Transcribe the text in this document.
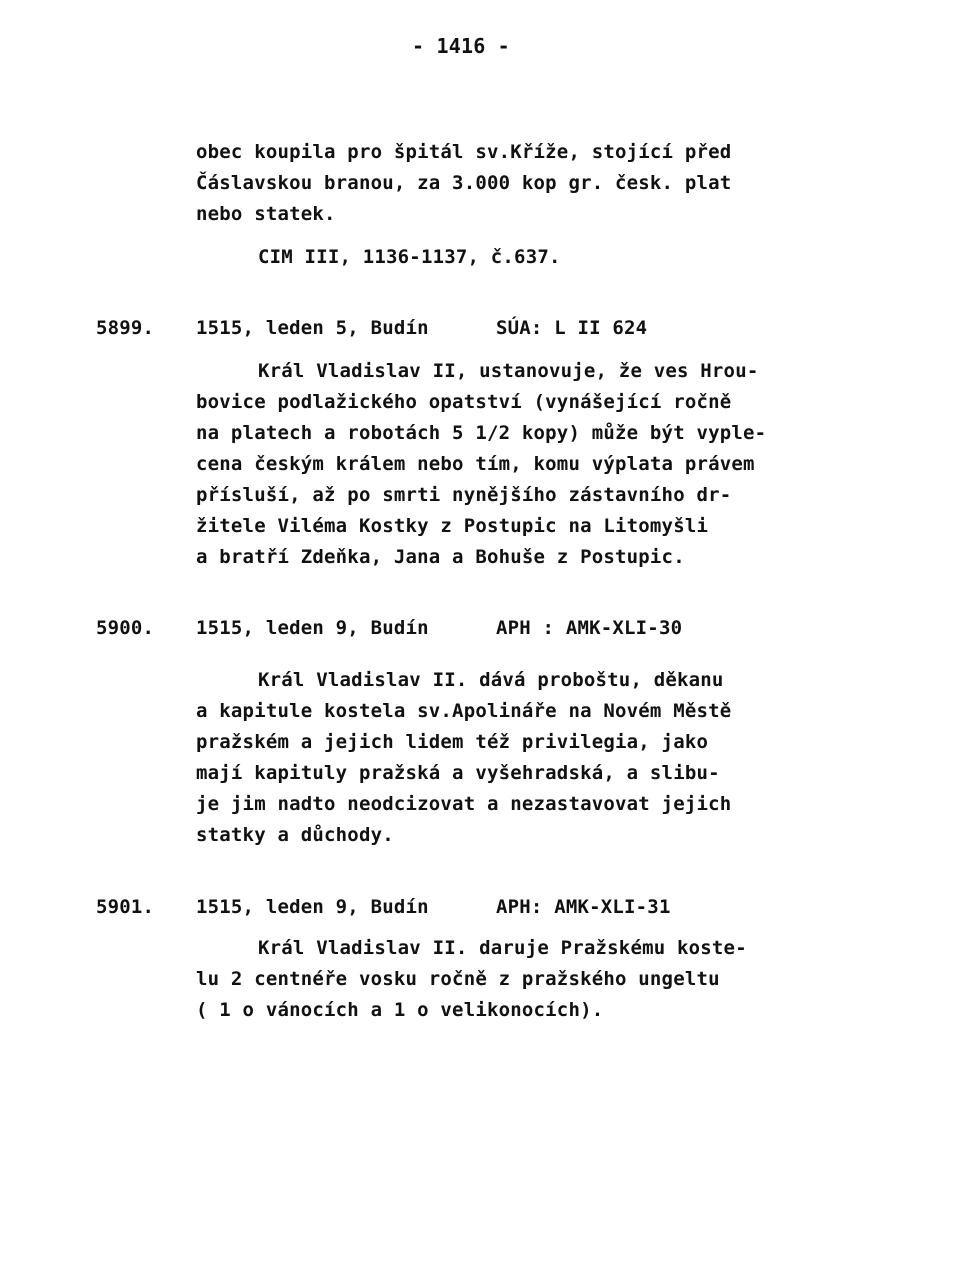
- 1416 -
obec koupila pro špitál sv.Kříže, stojící před
Čáslavskou branou, za 3.000 kop gr. česk. plat
nebo statek.
CIM III, 1136-1137, č.637.
5899. 1515, leden 5, Budín	SÚA: L II 624
Král Vladislav II, ustanovuje, že ves Hrou-
bovice podlažického opatství (vynášející ročně
na platech a robotách 5 1/2 kopy) může být vyple-
cena českým králem nebo tím, komu výplata právem
přísluší, až po smrti nynějšího zástavního dr-
žitele Viléma Kostky z Postupic na Litomyšli
a bratří Zdeňka, Jana a Bohuše z Postupic.
5900. 1515, leden 9, Budín	APH : AMK-XLI-30
Král Vladislav II. dává proboštu, děkanu
a kapitule kostela sv.Apolináře na Novém Městě
pražském a jejich lidem též privilegia, jako
mají kapituly pražská a vyšehradská, a slibu-
je jim nadto neodcizovat a nezastavovat jejich
statky a důchody.
5901. 1515, leden 9, Budín	APH: AMK-XLI-31
Král Vladislav II. daruje Pražskému koste-
lu 2 centnéře vosku ročně z pražského ungeltu
( 1 o vánocích a 1 o velikonocích).
